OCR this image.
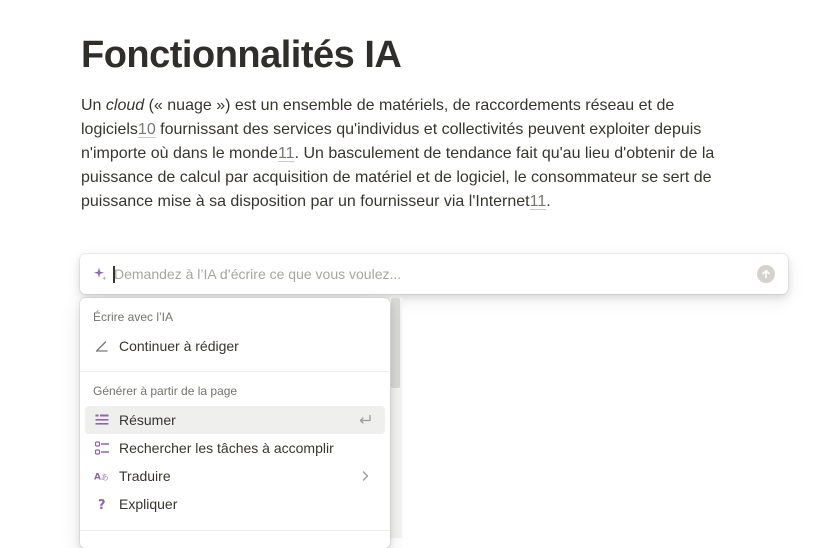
Fonctionnalités IA

Un cloud (« nuage ») est un ensemble de matériels, de raccordements réseau et de logiciels10 fournissant des services qu'individus et collectivités peuvent exploiter depuis n'importe où dans le monde11. Un basculement de tendance fait qu'au lieu d'obtenir de la puissance de calcul par acquisition de matériel et de logiciel, le consommateur se sert de puissance mise à sa disposition par un fournisseur via l'Internet11.

Demandez à l’IA d’écrire ce que vous voulez...
Écrire avec l’IA
Continuer à rédiger
Générer à partir de la page
Résumer
Rechercher les tâches à accomplir
A あ Traduire
? Expliquer
